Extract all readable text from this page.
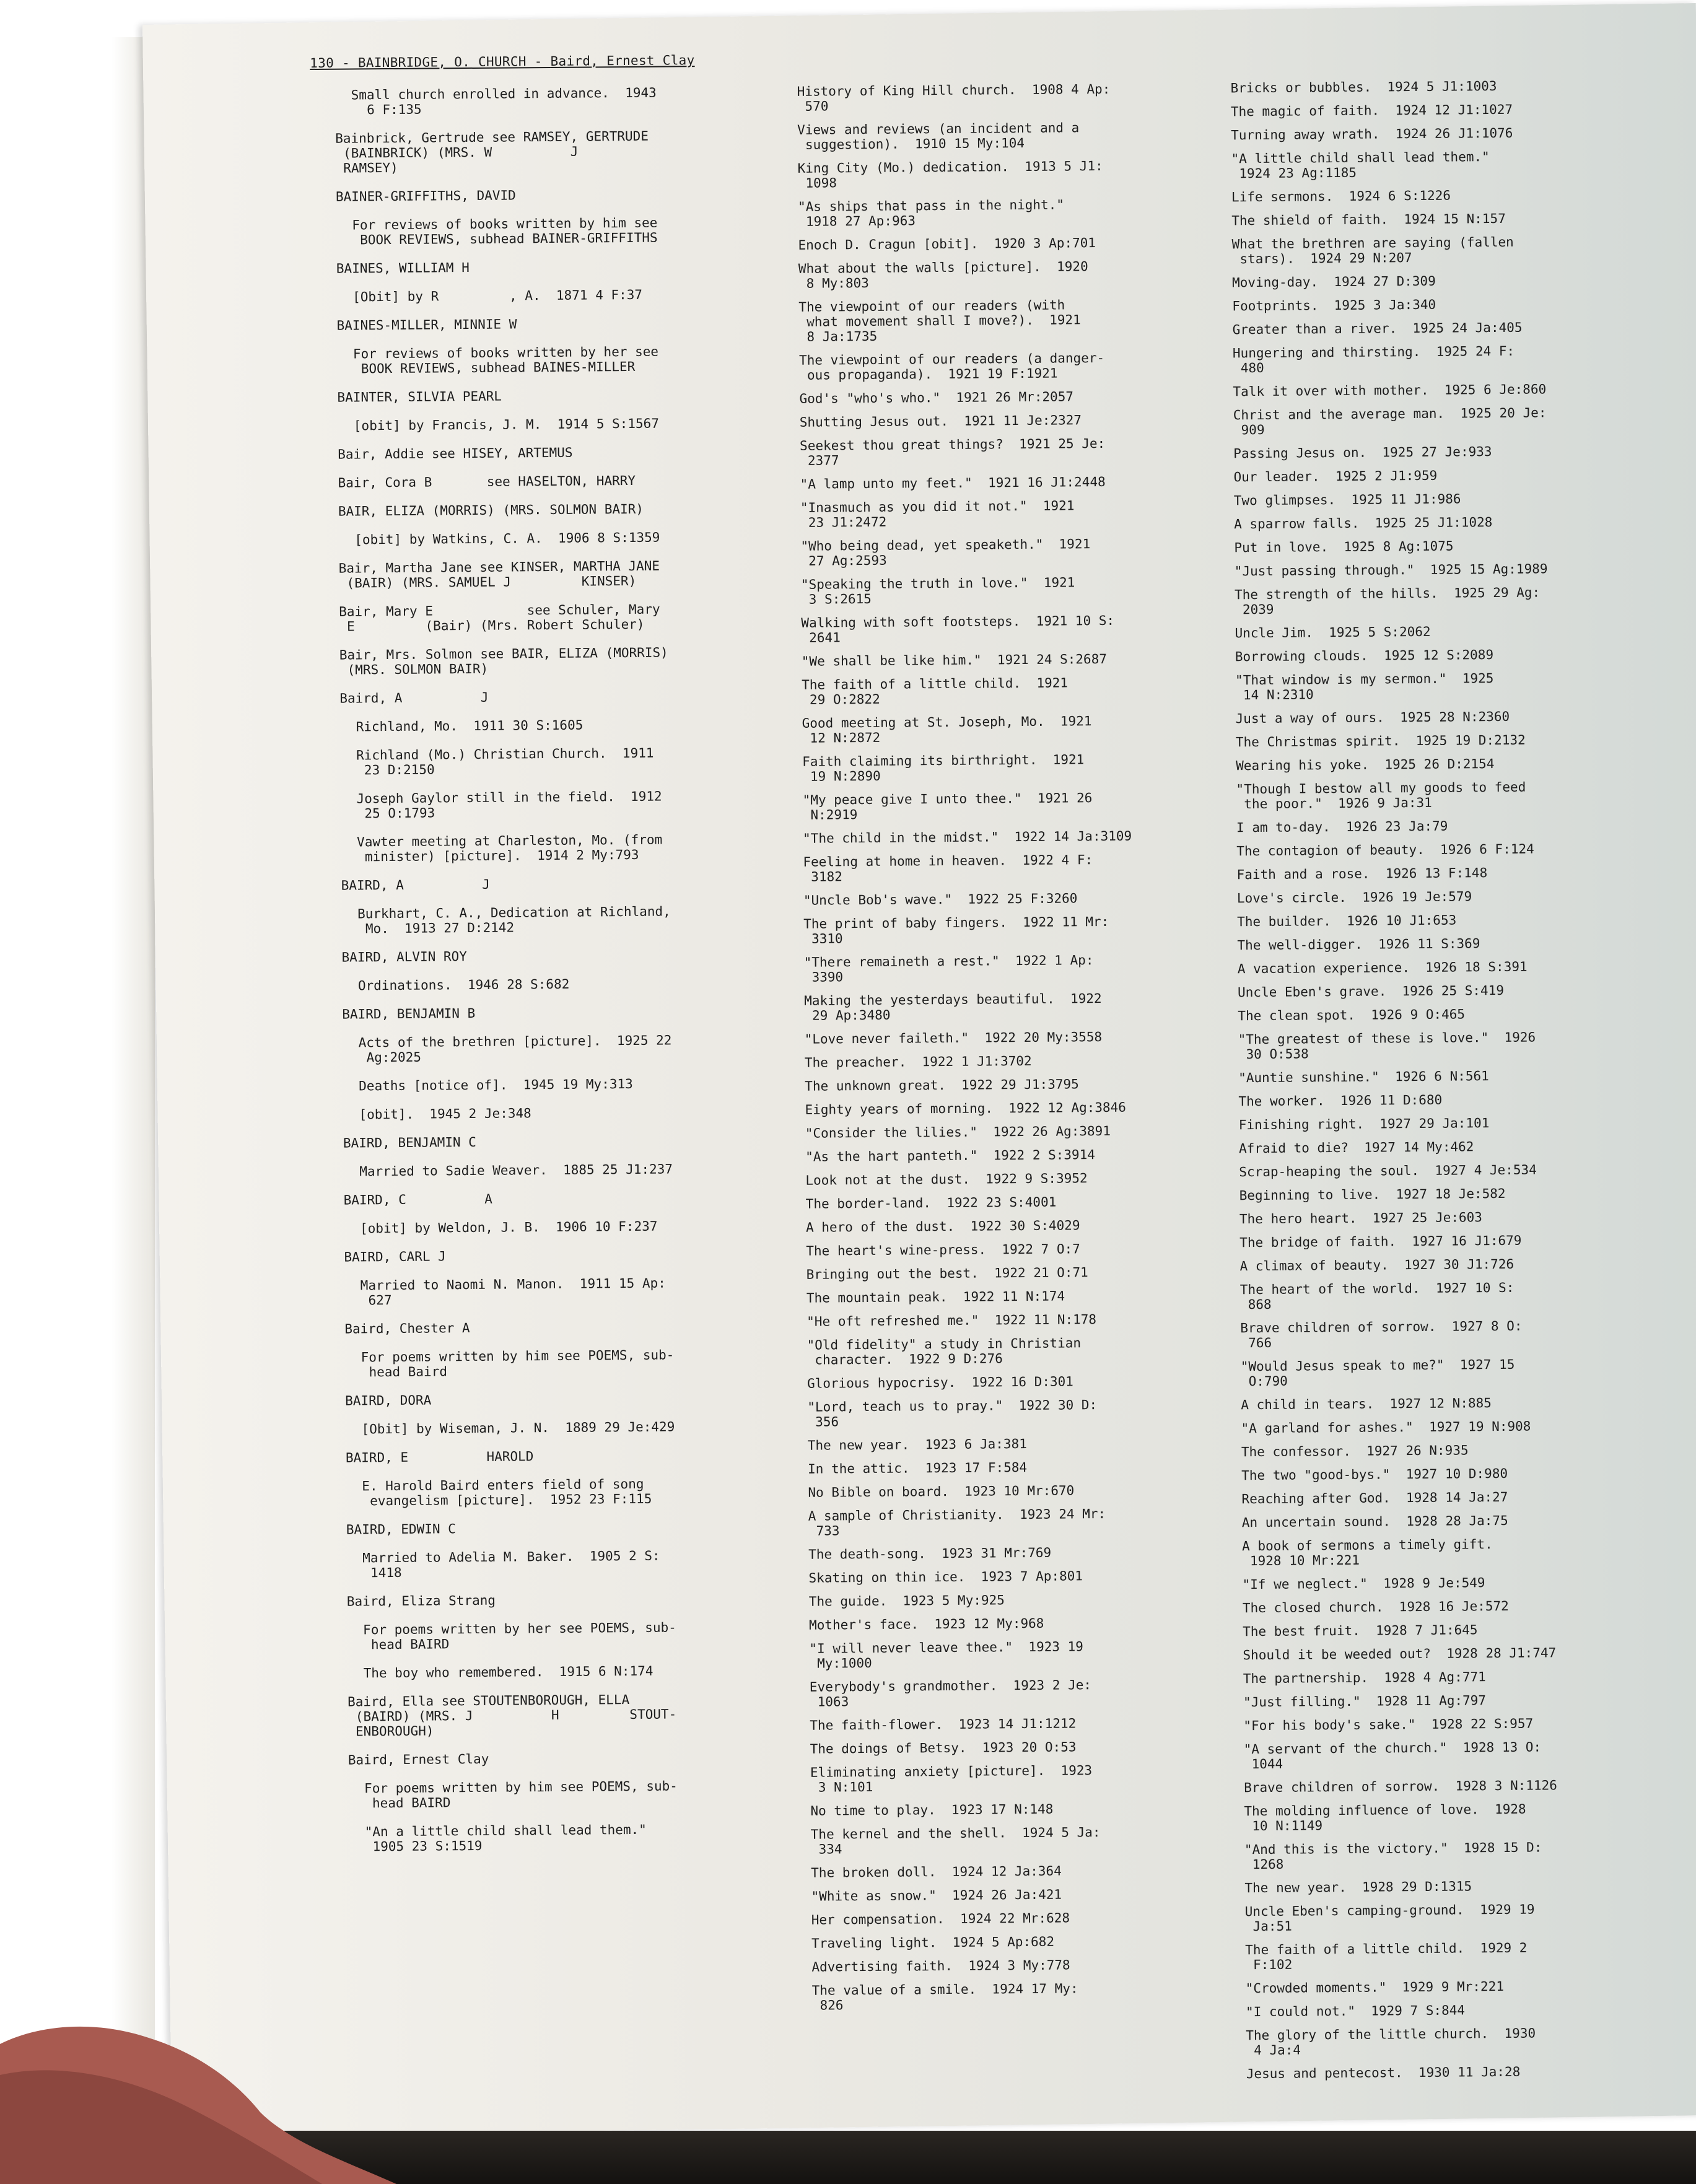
130 - BAINBRIDGE, O. CHURCH - Baird, Ernest Clay
Small church enrolled in advance.  1943
6 F:135
Bainbrick, Gertrude see RAMSEY, GERTRUDE
(BAINBRICK) (MRS. W          J
RAMSEY)
BAINER-GRIFFITHS, DAVID
For reviews of books written by him see
BOOK REVIEWS, subhead BAINER-GRIFFITHS
BAINES, WILLIAM H
[Obit] by R         , A.  1871 4 F:37
BAINES-MILLER, MINNIE W
For reviews of books written by her see
BOOK REVIEWS, subhead BAINES-MILLER
BAINTER, SILVIA PEARL
[obit] by Francis, J. M.  1914 5 S:1567
Bair, Addie see HISEY, ARTEMUS
Bair, Cora B       see HASELTON, HARRY
BAIR, ELIZA (MORRIS) (MRS. SOLMON BAIR)
[obit] by Watkins, C. A.  1906 8 S:1359
Bair, Martha Jane see KINSER, MARTHA JANE
(BAIR) (MRS. SAMUEL J         KINSER)
Bair, Mary E            see Schuler, Mary
E         (Bair) (Mrs. Robert Schuler)
Bair, Mrs. Solmon see BAIR, ELIZA (MORRIS)
(MRS. SOLMON BAIR)
Baird, A          J
Richland, Mo.  1911 30 S:1605
Richland (Mo.) Christian Church.  1911
23 D:2150
Joseph Gaylor still in the field.  1912
25 O:1793
Vawter meeting at Charleston, Mo. (from
minister) [picture].  1914 2 My:793
BAIRD, A          J
Burkhart, C. A., Dedication at Richland,
Mo.  1913 27 D:2142
BAIRD, ALVIN ROY
Ordinations.  1946 28 S:682
BAIRD, BENJAMIN B
Acts of the brethren [picture].  1925 22
Ag:2025
Deaths [notice of].  1945 19 My:313
[obit].  1945 2 Je:348
BAIRD, BENJAMIN C
Married to Sadie Weaver.  1885 25 J1:237
BAIRD, C          A
[obit] by Weldon, J. B.  1906 10 F:237
BAIRD, CARL J
Married to Naomi N. Manon.  1911 15 Ap:
627
Baird, Chester A
For poems written by him see POEMS, sub-
head Baird
BAIRD, DORA
[Obit] by Wiseman, J. N.  1889 29 Je:429
BAIRD, E          HAROLD
E. Harold Baird enters field of song
evangelism [picture].  1952 23 F:115
BAIRD, EDWIN C
Married to Adelia M. Baker.  1905 2 S:
1418
Baird, Eliza Strang
For poems written by her see POEMS, sub-
head BAIRD
The boy who remembered.  1915 6 N:174
Baird, Ella see STOUTENBOROUGH, ELLA
(BAIRD) (MRS. J          H         STOUT-
ENBOROUGH)
Baird, Ernest Clay
For poems written by him see POEMS, sub-
head BAIRD
"An a little child shall lead them."
1905 23 S:1519
History of King Hill church.  1908 4 Ap:
570
Views and reviews (an incident and a
suggestion).  1910 15 My:104
King City (Mo.) dedication.  1913 5 J1:
1098
"As ships that pass in the night."
1918 27 Ap:963
Enoch D. Cragun [obit].  1920 3 Ap:701
What about the walls [picture].  1920
8 My:803
The viewpoint of our readers (with
what movement shall I move?).  1921
8 Ja:1735
The viewpoint of our readers (a danger-
ous propaganda).  1921 19 F:1921
God's "who's who."  1921 26 Mr:2057
Shutting Jesus out.  1921 11 Je:2327
Seekest thou great things?  1921 25 Je:
2377
"A lamp unto my feet."  1921 16 J1:2448
"Inasmuch as you did it not."  1921
23 J1:2472
"Who being dead, yet speaketh."  1921
27 Ag:2593
"Speaking the truth in love."  1921
3 S:2615
Walking with soft footsteps.  1921 10 S:
2641
"We shall be like him."  1921 24 S:2687
The faith of a little child.  1921
29 O:2822
Good meeting at St. Joseph, Mo.  1921
12 N:2872
Faith claiming its birthright.  1921
19 N:2890
"My peace give I unto thee."  1921 26
N:2919
"The child in the midst."  1922 14 Ja:3109
Feeling at home in heaven.  1922 4 F:
3182
"Uncle Bob's wave."  1922 25 F:3260
The print of baby fingers.  1922 11 Mr:
3310
"There remaineth a rest."  1922 1 Ap:
3390
Making the yesterdays beautiful.  1922
29 Ap:3480
"Love never faileth."  1922 20 My:3558
The preacher.  1922 1 J1:3702
The unknown great.  1922 29 J1:3795
Eighty years of morning.  1922 12 Ag:3846
"Consider the lilies."  1922 26 Ag:3891
"As the hart panteth."  1922 2 S:3914
Look not at the dust.  1922 9 S:3952
The border-land.  1922 23 S:4001
A hero of the dust.  1922 30 S:4029
The heart's wine-press.  1922 7 O:7
Bringing out the best.  1922 21 O:71
The mountain peak.  1922 11 N:174
"He oft refreshed me."  1922 11 N:178
"Old fidelity" a study in Christian
character.  1922 9 D:276
Glorious hypocrisy.  1922 16 D:301
"Lord, teach us to pray."  1922 30 D:
356
The new year.  1923 6 Ja:381
In the attic.  1923 17 F:584
No Bible on board.  1923 10 Mr:670
A sample of Christianity.  1923 24 Mr:
733
The death-song.  1923 31 Mr:769
Skating on thin ice.  1923 7 Ap:801
The guide.  1923 5 My:925
Mother's face.  1923 12 My:968
"I will never leave thee."  1923 19
My:1000
Everybody's grandmother.  1923 2 Je:
1063
The faith-flower.  1923 14 J1:1212
The doings of Betsy.  1923 20 O:53
Eliminating anxiety [picture].  1923
3 N:101
No time to play.  1923 17 N:148
The kernel and the shell.  1924 5 Ja:
334
The broken doll.  1924 12 Ja:364
"White as snow."  1924 26 Ja:421
Her compensation.  1924 22 Mr:628
Traveling light.  1924 5 Ap:682
Advertising faith.  1924 3 My:778
The value of a smile.  1924 17 My:
826
Bricks or bubbles.  1924 5 J1:1003
The magic of faith.  1924 12 J1:1027
Turning away wrath.  1924 26 J1:1076
"A little child shall lead them."
1924 23 Ag:1185
Life sermons.  1924 6 S:1226
The shield of faith.  1924 15 N:157
What the brethren are saying (fallen
stars).  1924 29 N:207
Moving-day.  1924 27 D:309
Footprints.  1925 3 Ja:340
Greater than a river.  1925 24 Ja:405
Hungering and thirsting.  1925 24 F:
480
Talk it over with mother.  1925 6 Je:860
Christ and the average man.  1925 20 Je:
909
Passing Jesus on.  1925 27 Je:933
Our leader.  1925 2 J1:959
Two glimpses.  1925 11 J1:986
A sparrow falls.  1925 25 J1:1028
Put in love.  1925 8 Ag:1075
"Just passing through."  1925 15 Ag:1989
The strength of the hills.  1925 29 Ag:
2039
Uncle Jim.  1925 5 S:2062
Borrowing clouds.  1925 12 S:2089
"That window is my sermon."  1925
14 N:2310
Just a way of ours.  1925 28 N:2360
The Christmas spirit.  1925 19 D:2132
Wearing his yoke.  1925 26 D:2154
"Though I bestow all my goods to feed
the poor."  1926 9 Ja:31
I am to-day.  1926 23 Ja:79
The contagion of beauty.  1926 6 F:124
Faith and a rose.  1926 13 F:148
Love's circle.  1926 19 Je:579
The builder.  1926 10 J1:653
The well-digger.  1926 11 S:369
A vacation experience.  1926 18 S:391
Uncle Eben's grave.  1926 25 S:419
The clean spot.  1926 9 O:465
"The greatest of these is love."  1926
30 O:538
"Auntie sunshine."  1926 6 N:561
The worker.  1926 11 D:680
Finishing right.  1927 29 Ja:101
Afraid to die?  1927 14 My:462
Scrap-heaping the soul.  1927 4 Je:534
Beginning to live.  1927 18 Je:582
The hero heart.  1927 25 Je:603
The bridge of faith.  1927 16 J1:679
A climax of beauty.  1927 30 J1:726
The heart of the world.  1927 10 S:
868
Brave children of sorrow.  1927 8 O:
766
"Would Jesus speak to me?"  1927 15
O:790
A child in tears.  1927 12 N:885
"A garland for ashes."  1927 19 N:908
The confessor.  1927 26 N:935
The two "good-bys."  1927 10 D:980
Reaching after God.  1928 14 Ja:27
An uncertain sound.  1928 28 Ja:75
A book of sermons a timely gift.
1928 10 Mr:221
"If we neglect."  1928 9 Je:549
The closed church.  1928 16 Je:572
The best fruit.  1928 7 J1:645
Should it be weeded out?  1928 28 J1:747
The partnership.  1928 4 Ag:771
"Just filling."  1928 11 Ag:797
"For his body's sake."  1928 22 S:957
"A servant of the church."  1928 13 O:
1044
Brave children of sorrow.  1928 3 N:1126
The molding influence of love.  1928
10 N:1149
"And this is the victory."  1928 15 D:
1268
The new year.  1928 29 D:1315
Uncle Eben's camping-ground.  1929 19
Ja:51
The faith of a little child.  1929 2
F:102
"Crowded moments."  1929 9 Mr:221
"I could not."  1929 7 S:844
The glory of the little church.  1930
4 Ja:4
Jesus and pentecost.  1930 11 Ja:28
